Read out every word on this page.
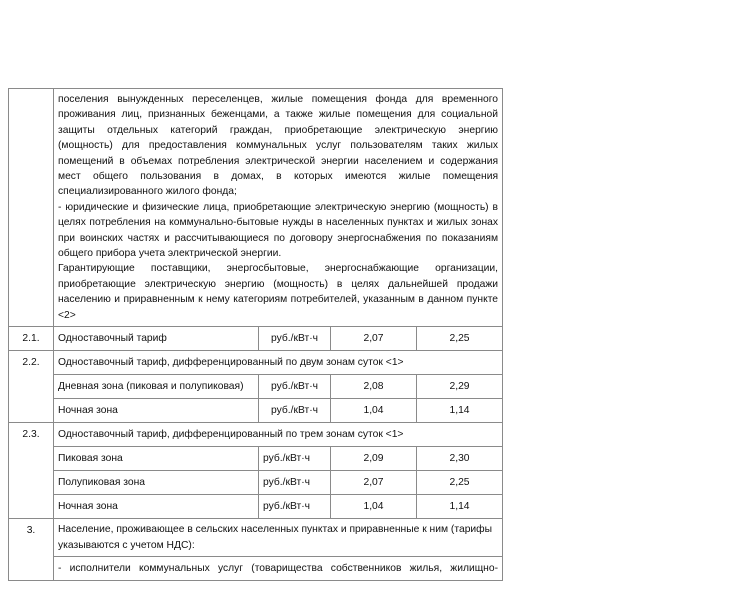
	поселения вынужденных переселенцев, жилые помещения фонда для временного проживания лиц, признанных беженцами, а также жилые помещения для социальной защиты отдельных категорий граждан, приобретающие электрическую энергию (мощность) для предоставления коммунальных услуг пользователям таких жилых помещений в объемах потребления электрической энергии населением и содержания мест общего пользования в домах, в которых имеются жилые помещения специализированного жилого фонда;
- юридические и физические лица, приобретающие электрическую энергию (мощность) в целях потребления на коммунально-бытовые нужды в населенных пунктах и жилых зонах при воинских частях и рассчитывающиеся по договору энергоснабжения по показаниям общего прибора учета электрической энергии.
Гарантирующие поставщики, энергосбытовые, энергоснабжающие организации, приобретающие электрическую энергию (мощность) в целях дальнейшей продажи населению и приравненным к нему категориям потребителей, указанным в данном пункте <2>			

2.1.	Одноставочный тариф	руб./кВт·ч	2,07	2,25
2.2.	Одноставочный тариф, дифференцированный по двум зонам суток <1>			
	Дневная зона (пиковая и полупиковая)	руб./кВт·ч	2,08	2,29
	Ночная зона	руб./кВт·ч	1,04	1,14
2.3.	Одноставочный тариф, дифференцированный по трем зонам суток <1>			
	Пиковая зона	руб./кВт·ч	2,09	2,30
	Полупиковая зона	руб./кВт·ч	2,07	2,25
	Ночная зона	руб./кВт·ч	1,04	1,14
3.	Население, проживающее в сельских населенных пунктах и приравненные к ним (тарифы указываются с учетом НДС):			

	- исполнители коммунальных услуг (товарищества собственников жилья, жилищно-			
